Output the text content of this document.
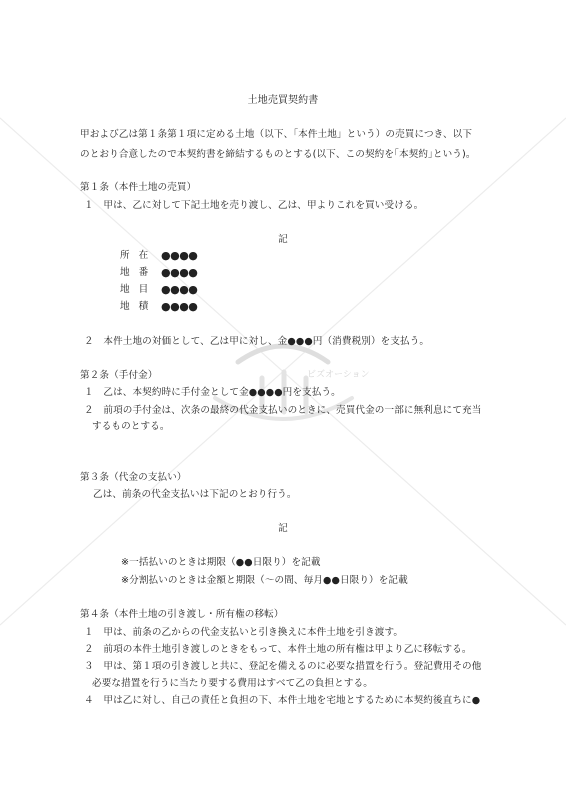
ビズオーション
土地売買契約書
甲および乙は第１条第１項に定める土地（以下、「本件土地」という）の売買につき、以下
のとおり合意したので本契約書を締結するものとする(以下、この契約を｢本契約｣という)。
第１条（本件土地の売買）
１　甲は、乙に対して下記土地を売り渡し、乙は、甲よりこれを買い受ける。
記
所在 ●●●●
地番 ●●●●
地目 ●●●●
地積 ●●●●
２　本件土地の対価として、乙は甲に対し、金●●●円（消費税別）を支払う。
第２条（手付金）
１　乙は、本契約時に手付金として金●●●●円を支払う。
２　前項の手付金は、次条の最終の代金支払いのときに、売買代金の一部に無利息にて充当
するものとする。
第３条（代金の支払い）
乙は、前条の代金支払いは下記のとおり行う。
記
※一括払いのときは期限（●●日限り）を記載
※分割払いのときは金額と期限（〜の間、毎月●●日限り）を記載
第４条（本件土地の引き渡し・所有権の移転）
１　甲は、前条の乙からの代金支払いと引き換えに本件土地を引き渡す。
２　前項の本件土地引き渡しのときをもって、本件土地の所有権は甲より乙に移転する。
３　甲は、第１項の引き渡しと共に、登記を備えるのに必要な措置を行う。登記費用その他
必要な措置を行うに当たり要する費用はすべて乙の負担とする。
４　甲は乙に対し、自己の責任と負担の下、本件土地を宅地とするために本契約後直ちに●
